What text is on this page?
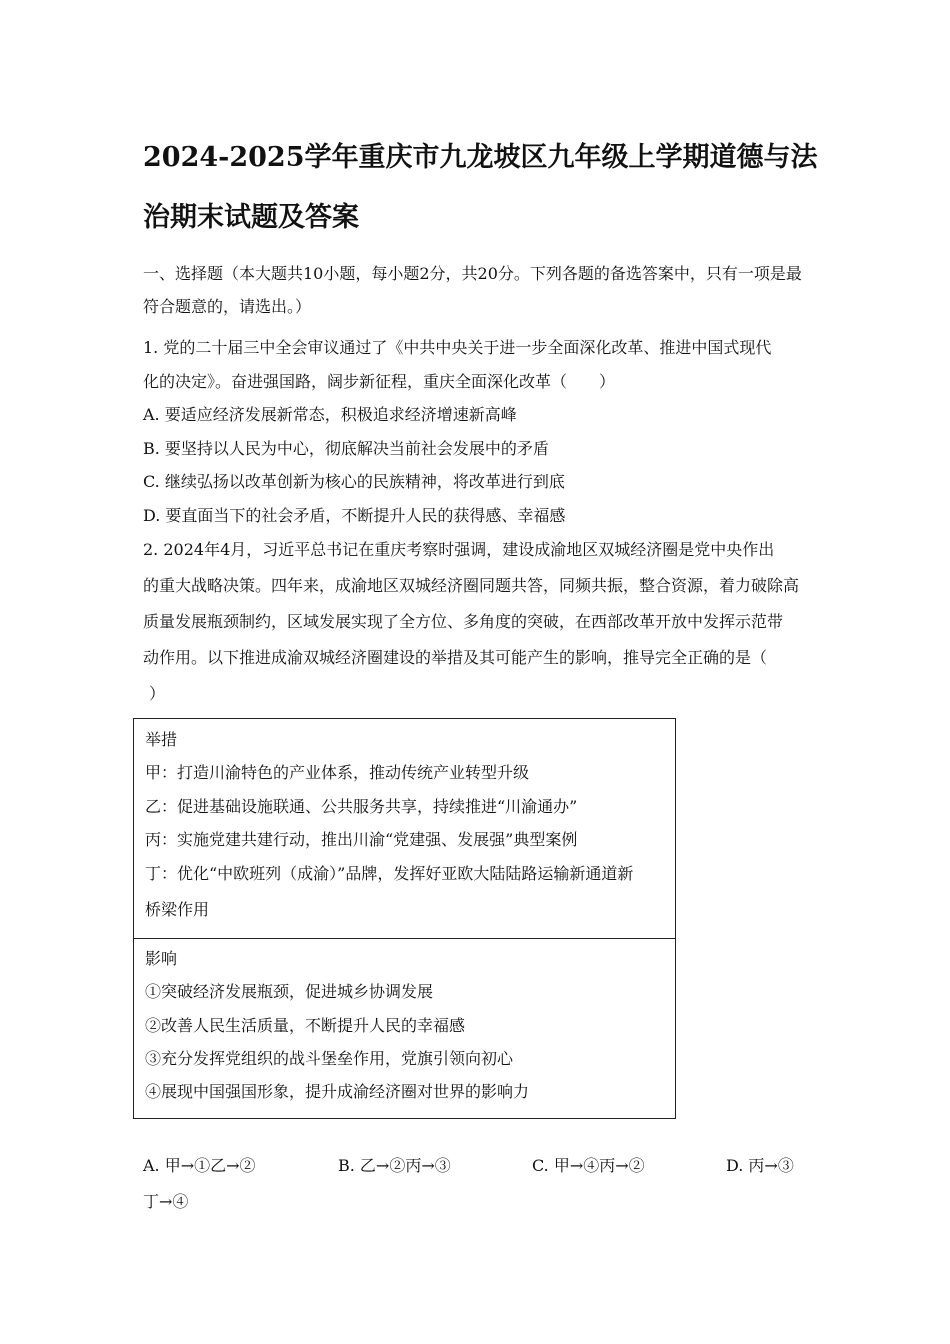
2024-2025学年重庆市九龙坡区九年级上学期道德与法治期末试题及答案
一、选择题（本大题共10小题，每小题2分，共20分。下列各题的备选答案中，只有一项是最
符合题意的，请选出。）
1. 党的二十届三中全会审议通过了《中共中央关于进一步全面深化改革、推进中国式现代
化的决定》。奋进强国路，阔步新征程，重庆全面深化改革（　　）
A. 要适应经济发展新常态，积极追求经济增速新高峰
B. 要坚持以人民为中心，彻底解决当前社会发展中的矛盾
C. 继续弘扬以改革创新为核心的民族精神，将改革进行到底
D. 要直面当下的社会矛盾，不断提升人民的获得感、幸福感
2. 2024年4月，习近平总书记在重庆考察时强调，建设成渝地区双城经济圈是党中央作出
的重大战略决策。四年来，成渝地区双城经济圈同题共答，同频共振，整合资源，着力破除高
质量发展瓶颈制约，区域发展实现了全方位、多角度的突破，在西部改革开放中发挥示范带
动作用。以下推进成渝双城经济圈建设的举措及其可能产生的影响，推导完全正确的是（
）
举措
甲：打造川渝特色的产业体系，推动传统产业转型升级
乙：促进基础设施联通、公共服务共享，持续推进“川渝通办”
丙：实施党建共建行动，推出川渝“党建强、发展强”典型案例
丁：优化“中欧班列（成渝）”品牌，发挥好亚欧大陆陆路运输新通道新
桥梁作用
影响
①突破经济发展瓶颈，促进城乡协调发展
②改善人民生活质量，不断提升人民的幸福感
③充分发挥党组织的战斗堡垒作用，党旗引领向初心
④展现中国强国形象，提升成渝经济圈对世界的影响力
A. 甲→①乙→②	B. 乙→②丙→③	C. 甲→④丙→②	D. 丙→③
丁→④
